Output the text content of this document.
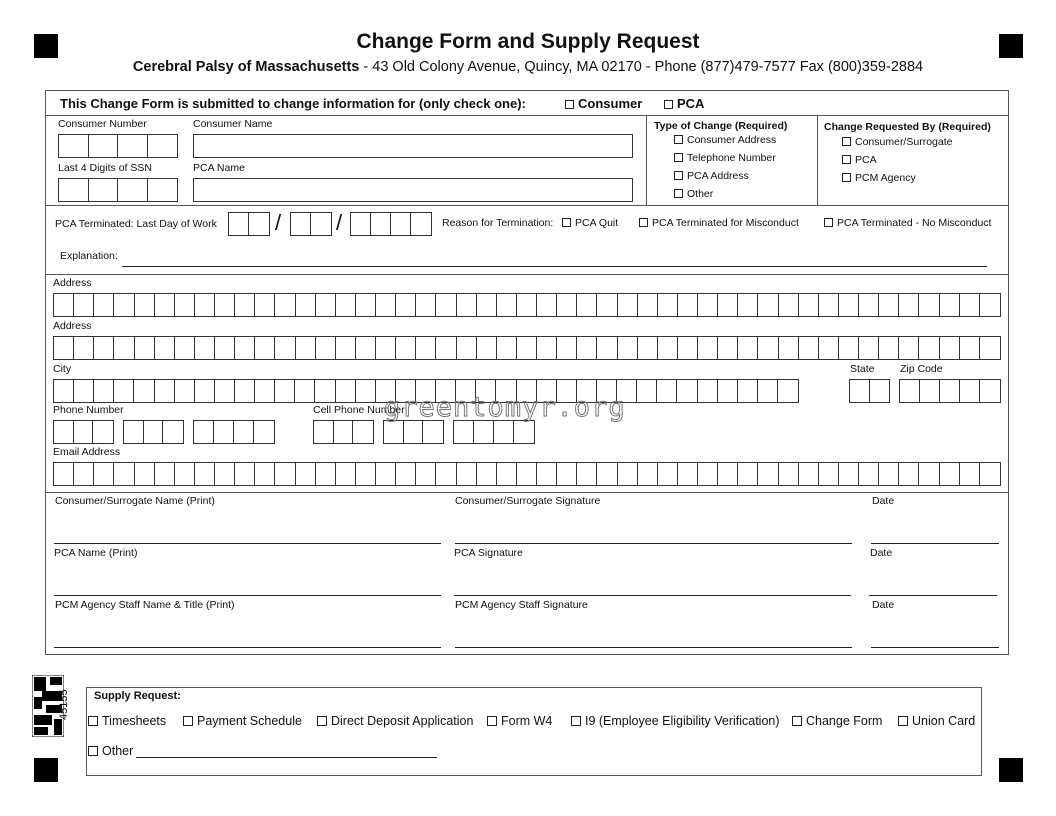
Change Form and Supply Request
Cerebral Palsy of Massachusetts - 43 Old Colony Avenue, Quincy, MA 02170 - Phone (877)479-7577 Fax (800)359-2884
This Change Form is submitted to change information for (only check one):	Consumer	PCA
Consumer Number	Consumer Name
Last 4 Digits of SSN	PCA Name
Type of Change (Required)
Consumer Address
Telephone Number
PCA Address
Other
Change Requested By (Required)
Consumer/Surrogate
PCA
PCM Agency
PCA Terminated: Last Day of Work	/ /	Reason for Termination:	PCA Quit	PCA Terminated for Misconduct	PCA Terminated - No Misconduct
Explanation:
Address
Address
City	State Zip Code
Phone Number	Cell Phone Number
Email Address
greentomyr.org
Consumer/Surrogate Name (Print)	Consumer/Surrogate Signature	Date
PCA Name (Print)	PCA Signature	Date
PCM Agency Staff Name & Title (Print)	PCM Agency Staff Signature	Date
45155 Supply Request:
Timesheets	Payment Schedule	Direct Deposit Application	Form W4	I9 (Employee Eligibility Verification)	Change Form	Union Card
Other
